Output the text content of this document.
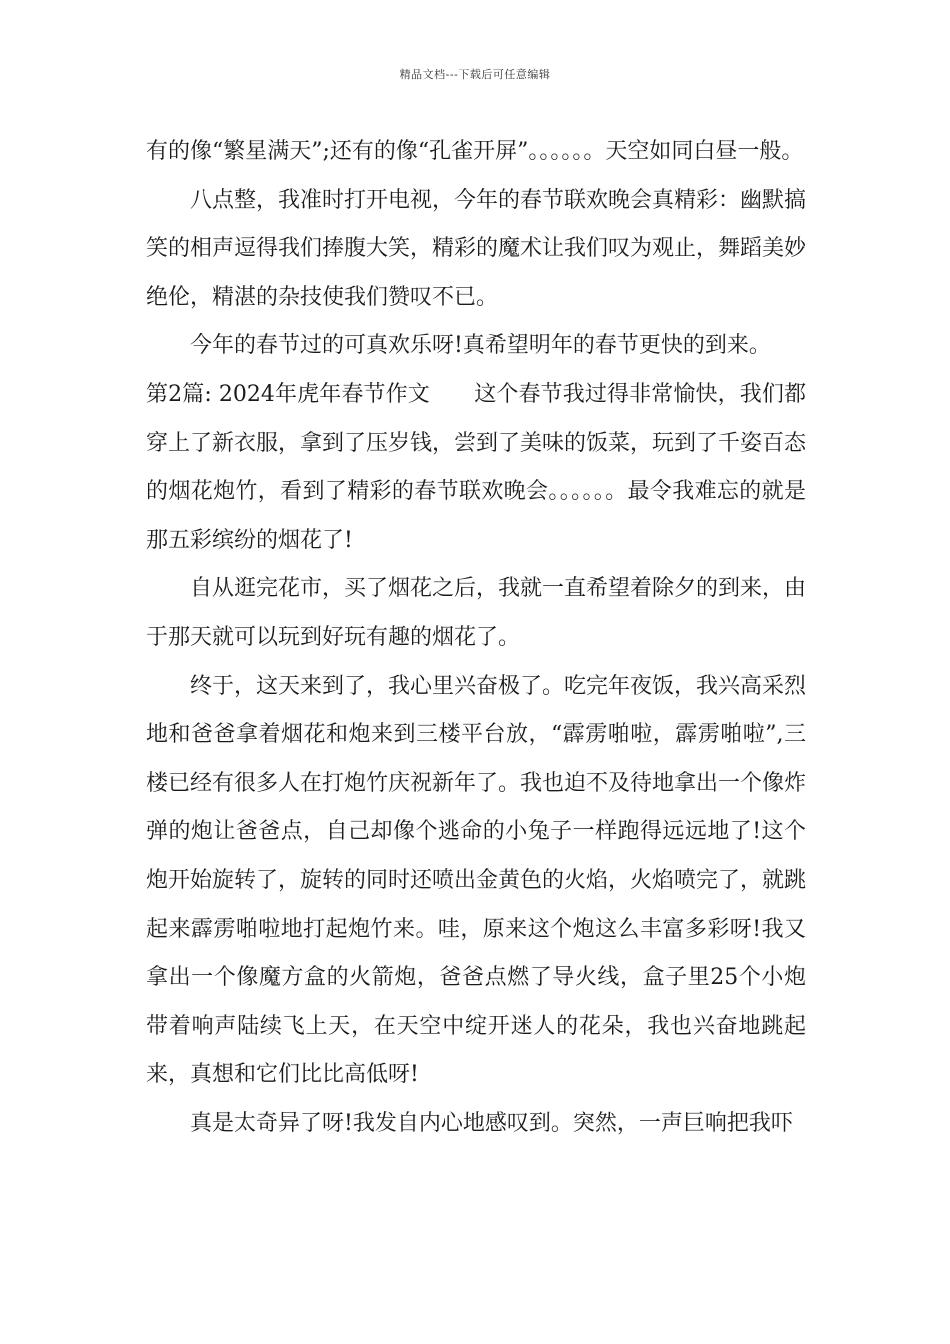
精品文档---下载后可任意编辑

有的像“繁星满天”;还有的像“孔雀开屏”。。。。。。天空如同白昼一般。

八点整，我准时打开电视，今年的春节联欢晚会真精彩：幽默搞笑的相声逗得我们捧腹大笑，精彩的魔术让我们叹为观止，舞蹈美妙绝伦，精湛的杂技使我们赞叹不已。

今年的春节过的可真欢乐呀!真希望明年的春节更快的到来。

第2篇: 2024年虎年春节作文　　这个春节我过得非常愉快，我们都穿上了新衣服，拿到了压岁钱，尝到了美味的饭菜，玩到了千姿百态的烟花炮竹，看到了精彩的春节联欢晚会。。。。。。最令我难忘的就是那五彩缤纷的烟花了!

自从逛完花市，买了烟花之后，我就一直希望着除夕的到来，由于那天就可以玩到好玩有趣的烟花了。

终于，这天来到了，我心里兴奋极了。吃完年夜饭，我兴高采烈地和爸爸拿着烟花和炮来到三楼平台放，“霹雳啪啦，霹雳啪啦”,三楼已经有很多人在打炮竹庆祝新年了。我也迫不及待地拿出一个像炸弹的炮让爸爸点，自己却像个逃命的小兔子一样跑得远远地了!这个炮开始旋转了，旋转的同时还喷出金黄色的火焰，火焰喷完了，就跳起来霹雳啪啦地打起炮竹来。哇，原来这个炮这么丰富多彩呀!我又拿出一个像魔方盒的火箭炮，爸爸点燃了导火线，盒子里25个小炮带着响声陆续飞上天，在天空中绽开迷人的花朵，我也兴奋地跳起来，真想和它们比比高低呀!

真是太奇异了呀!我发自内心地感叹到。突然，一声巨响把我吓
